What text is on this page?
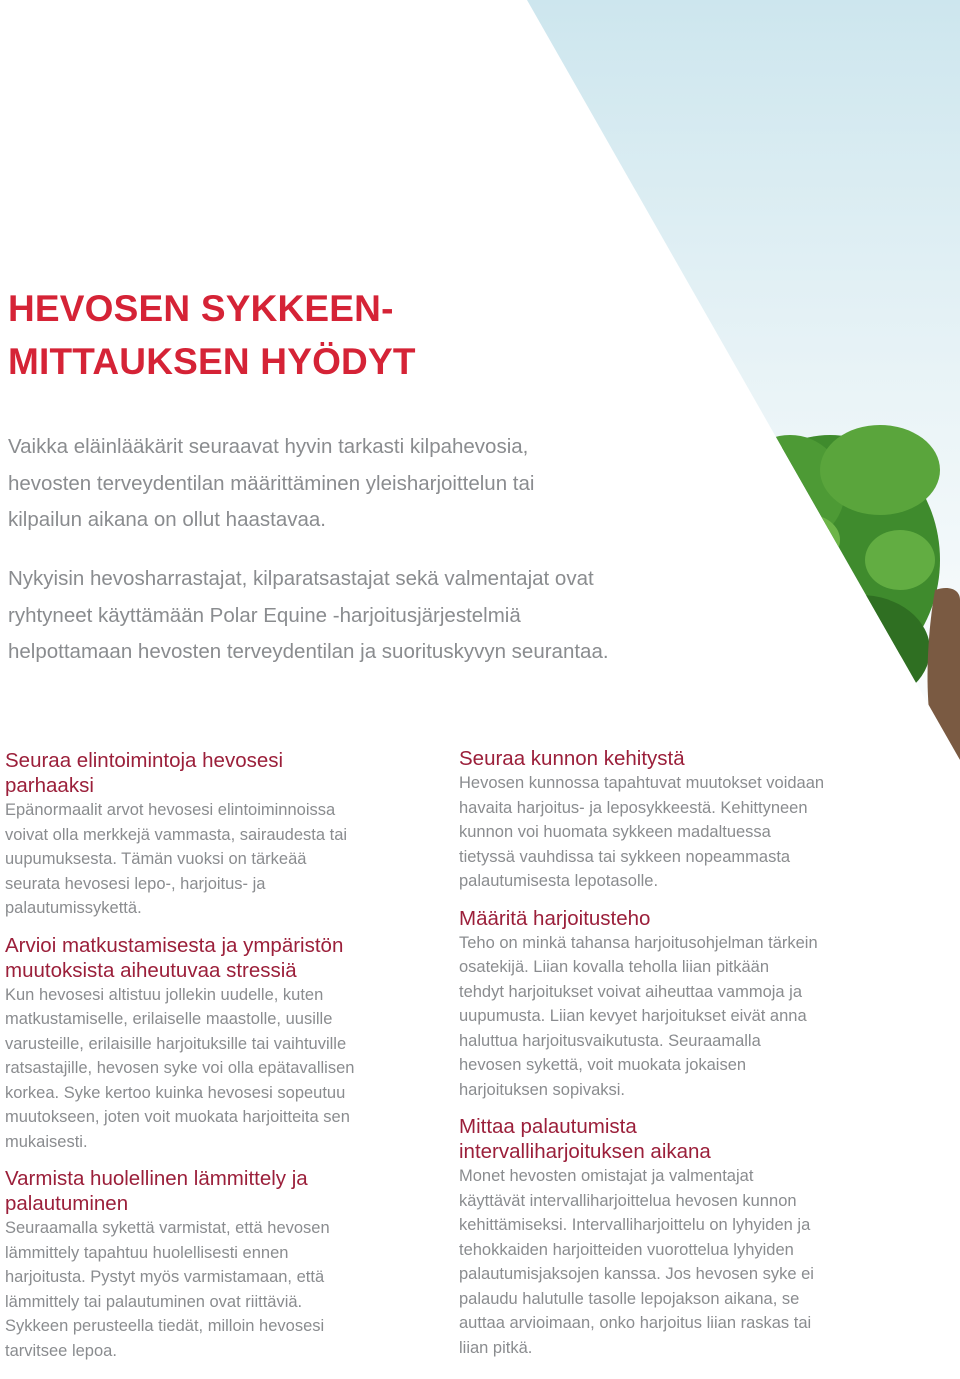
HEVOSEN SYKKEEN-
MITTAUKSEN HYÖDYT

Vaikka eläinlääkärit seuraavat hyvin tarkasti kilpahevosia,
hevosten terveydentilan määrittäminen yleisharjoittelun tai
kilpailun aikana on ollut haastavaa.

Nykyisin hevosharrastajat, kilparatsastajat sekä valmentajat ovat
ryhtyneet käyttämään Polar Equine -harjoitusjärjestelmiä
helpottamaan hevosten terveydentilan ja suorituskyvyn seurantaa.

Seuraa elintoimintoja hevosesi
parhaaksi

Epänormaalit arvot hevosesi elintoiminnoissa
voivat olla merkkejä vammasta, sairaudesta tai
uupumuksesta. Tämän vuoksi on tärkeää
seurata hevosesi lepo-, harjoitus- ja
palautumissykettä.

Arvioi matkustamisesta ja ympäristön
muutoksista aiheutuvaa stressiä

Kun hevosesi altistuu jollekin uudelle, kuten
matkustamiselle, erilaiselle maastolle, uusille
varusteille, erilaisille harjoituksille tai vaihtuville
ratsastajille, hevosen syke voi olla epätavallisen
korkea. Syke kertoo kuinka hevosesi sopeutuu
muutokseen, joten voit muokata harjoitteita sen
mukaisesti.

Varmista huolellinen lämmittely ja
palautuminen

Seuraamalla sykettä varmistat, että hevosen
lämmittely tapahtuu huolellisesti ennen
harjoitusta. Pystyt myös varmistamaan, että
lämmittely tai palautuminen ovat riittäviä.
Sykkeen perusteella tiedät, milloin hevosesi
tarvitsee lepoa.

Seuraa kunnon kehitystä

Hevosen kunnossa tapahtuvat muutokset voidaan
havaita harjoitus- ja leposykkeestä. Kehittyneen
kunnon voi huomata sykkeen madaltuessa
tietyssä vauhdissa tai sykkeen nopeammasta
palautumisesta lepotasolle.

Määritä harjoitusteho

Teho on minkä tahansa harjoitusohjelman tärkein
osatekijä. Liian kovalla teholla liian pitkään
tehdyt harjoitukset voivat aiheuttaa vammoja ja
uupumusta. Liian kevyet harjoitukset eivät anna
haluttua harjoitusvaikutusta. Seuraamalla
hevosen sykettä, voit muokata jokaisen
harjoituksen sopivaksi.

Mittaa palautumista
intervalliharjoituksen aikana

Monet hevosten omistajat ja valmentajat
käyttävät intervalliharjoittelua hevosen kunnon
kehittämiseksi. Intervalliharjoittelu on lyhyiden ja
tehokkaiden harjoitteiden vuorottelua lyhyiden
palautumisjaksojen kanssa. Jos hevosen syke ei
palaudu halutulle tasolle lepojakson aikana, se
auttaa arvioimaan, onko harjoitus liian raskas tai
liian pitkä.
